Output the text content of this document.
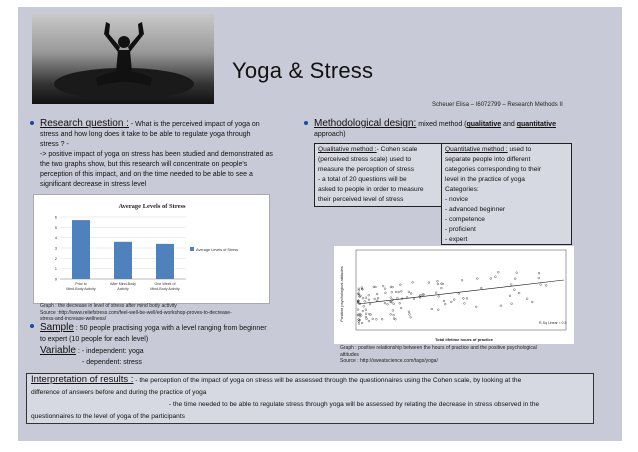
Yoga & Stress
Scheuer Elisa – I6072799 – Research Methods II
Research question : - What is the perceived impact of yoga on
stress and how long does it take to be able to regulate yoga through
stress ? -
-> positive impact of yoga on stress has been studied and demonstrated as
the two graphs show, but this research will concentrate on people's
perception of this impact, and on the time needed to be able to see a
significant decrease in stress level
Average Levels of Stress
0
1
2
3
4
5
6
Prior to
Mind-Body Activity
After Mind-Body
Activity
One Week of
Mind-Body Activity
Average Levels of Stress
Graph : the decrease in level of stress after mind body activity
Source :http://www.reliefstress.com/feel-well-be-well/ed-workshop-proves-to-decrease-
stress-and-increase-wellness/
Sample : 50 people practising yoga with a level ranging from beginner
to expert (10 people for each level)
Variable : - independent: yoga
- dependent: stress
Methodological design: mixed method (qualitative and quantitative
approach)
Qualitative method :- Cohen scale
(perceived stress scale) used to
measure the perception of stress
- a total of 20 questions will be
asked to people in order to measure
their perceived level of stress
Quantitative method : used to
separate people into different
categories corresponding to their
level in the practice of yoga
Categories:
- novice
- advanced beginner
- competence
- proficient
- expert
Positive psychological attitudes
Total lifetime hours of practice
R-Sq Linear = 0.5
Graph : positive relationship between the hours of practice and the positive psychological
attitudes
Source : http://sweatscience.com/tags/yoga/
Interpretation of results : - the perception of the impact of yoga on stress will be assessed through the questionnaires using the Cohen scale, by looking at the
difference of answers before and during the practice of yoga
- the time needed to be able to regulate stress through yoga will be assessed by relating the decrease in stress observed in the
questionnaires to the level of yoga of the participants
